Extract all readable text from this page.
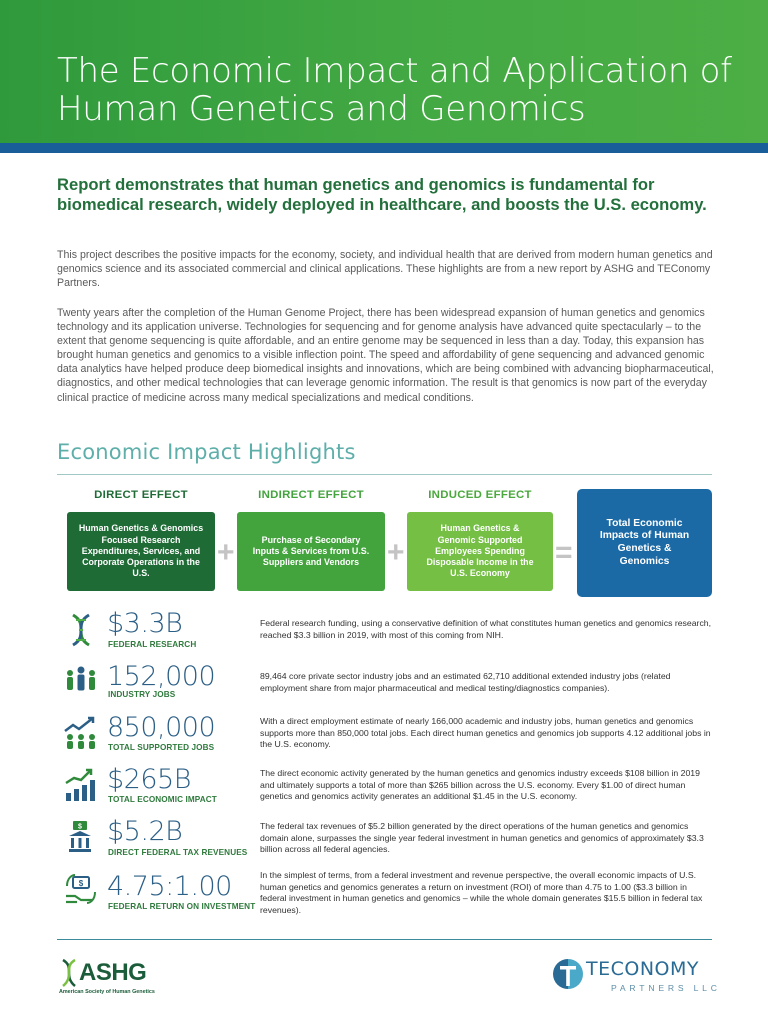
The Economic Impact and Application of Human Genetics and Genomics
Report demonstrates that human genetics and genomics is fundamental for biomedical research, widely deployed in healthcare, and boosts the U.S. economy.
This project describes the positive impacts for the economy, society, and individual health that are derived from modern human genetics and genomics science and its associated commercial and clinical applications. These highlights are from a new report by ASHG and TEConomy Partners.
Twenty years after the completion of the Human Genome Project, there has been widespread expansion of human genetics and genomics technology and its application universe. Technologies for sequencing and for genome analysis have advanced quite spectacularly – to the extent that genome sequencing is quite affordable, and an entire genome may be sequenced in less than a day. Today, this expansion has brought human genetics and genomics to a visible inflection point. The speed and affordability of gene sequencing and advanced genomic data analytics have helped produce deep biomedical insights and innovations, which are being combined with advancing biopharmaceutical, diagnostics, and other medical technologies that can leverage genomic information. The result is that genomics is now part of the everyday clinical practice of medicine across many medical specializations and medical conditions.
Economic Impact Highlights
DIRECT EFFECT
Human Genetics & Genomics Focused Research Expenditures, Services, and Corporate Operations in the U.S.
+
INDIRECT EFFECT
Purchase of Secondary Inputs & Services from U.S. Suppliers and Vendors +
INDUCED EFFECT
Human Genetics & Genomic Supported Employees Spending Disposable Income in the U.S. Economy
=
Total Economic Impacts of Human Genetics & Genomics
$3.3B
FEDERAL RESEARCH
Federal research funding, using a conservative definition of what constitutes human genetics and genomics research, reached $3.3 billion in 2019, with most of this coming from NIH.
152,000
INDUSTRY JOBS
89,464 core private sector industry jobs and an estimated 62,710 additional extended industry jobs (related employment share from major pharmaceutical and medical testing/diagnostics companies).
850,000
TOTAL SUPPORTED JOBS
With a direct employment estimate of nearly 166,000 academic and industry jobs, human genetics and genomics supports more than 850,000 total jobs. Each direct human genetics and genomics job supports 4.12 additional jobs in the U.S. economy.
$265B
TOTAL ECONOMIC IMPACT
The direct economic activity generated by the human genetics and genomics industry exceeds $108 billion in 2019 and ultimately supports a total of more than $265 billion across the U.S. economy. Every $1.00 of direct human genetics and genomics activity generates an additional $1.45 in the U.S. economy.
$ $5.2B
DIRECT FEDERAL TAX REVENUES
The federal tax revenues of $5.2 billion generated by the direct operations of the human genetics and genomics domain alone, surpasses the single year federal investment in human genetics and genomics of approximately $3.3 billion across all federal agencies.
$ 4.75:1.00
FEDERAL RETURN ON INVESTMENT
In the simplest of terms, from a federal investment and revenue perspective, the overall economic impacts of U.S. human genetics and genomics generates a return on investment (ROI) of more than 4.75 to 1.00 ($3.3 billion in federal investment in human genetics and genomics – while the whole domain generates $15.5 billion in federal tax revenues).
ASHG
American Society of Human Genetics
TECONOMY
PARTNERS LLC
